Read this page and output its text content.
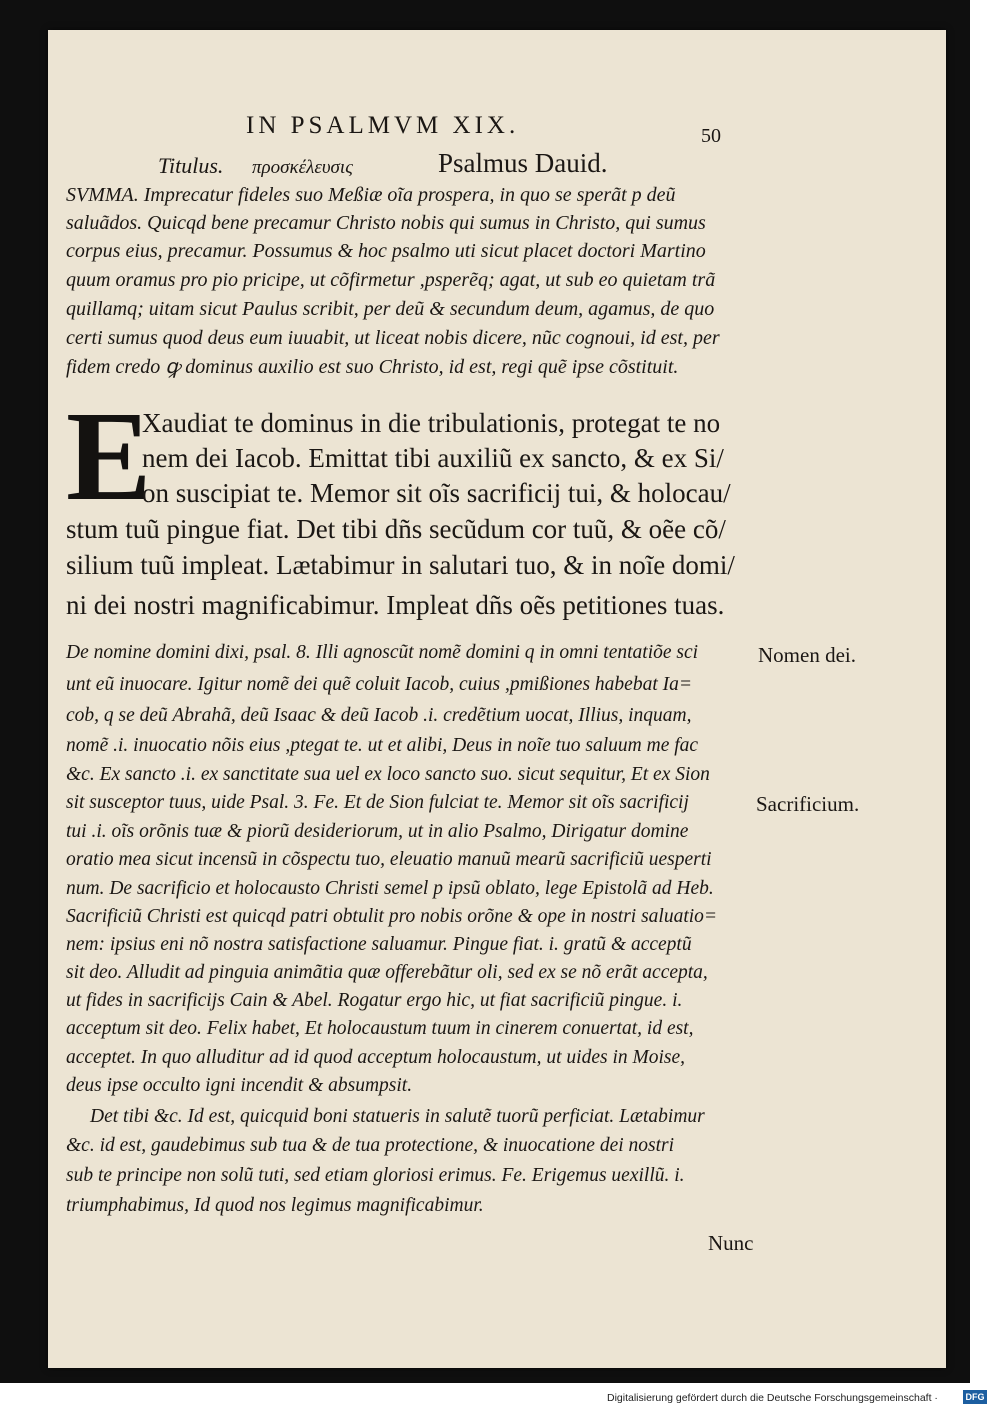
IN PSALMVM XIX.	50
Titulus. προσκέλευσις	Psalmus Dauid.
SVMMA. Imprecatur fideles suo Meßiæ oĩa prospera, in quo se sperãt p deũ
saluãdos. Quicqd bene precamur Christo nobis qui sumus in Christo, qui sumus
corpus eius, precamur. Possumus & hoc psalmo uti sicut placet doctori Martino
quum oramus pro pio pricipe, ut cõfirmetur ,psperẽq; agat, ut sub eo quietam trã
quillamq; uitam sicut Paulus scribit, per deũ & secundum deum, agamus, de quo
certi sumus quod deus eum iuuabit, ut liceat nobis dicere, nũc cognoui, id est, per
fidem credo ꝙ dominus auxilio est suo Christo, id est, regi quẽ ipse cõstituit.
E
Xaudiat te dominus in die tribulationis, protegat te no
nem dei Iacob. Emittat tibi auxiliũ ex sancto, & ex Si/
on suscipiat te. Memor sit oĩs sacrificij tui, & holocau/
stum tuũ pingue fiat. Det tibi dñs secũdum cor tuũ, & oẽe cõ/
silium tuũ impleat. Lætabimur in salutari tuo, & in noĩe domi/
ni dei nostri magnificabimur. Impleat dñs oẽs petitiones tuas.
De nomine domini dixi, psal. 8. Illi agnoscũt nomẽ domini q in omni tentatiõe sci
unt eũ inuocare. Igitur nomẽ dei quẽ coluit Iacob, cuius ,pmißiones habebat Ia=
cob, q se deũ Abrahã, deũ Isaac & deũ Iacob .i. credẽtium uocat, Illius, inquam,
nomẽ .i. inuocatio nõis eius ,ptegat te. ut et alibi, Deus in noĩe tuo saluum me fac
&c. Ex sancto .i. ex sanctitate sua uel ex loco sancto suo. sicut sequitur, Et ex Sion
sit susceptor tuus, uide Psal. 3. Fe. Et de Sion fulciat te. Memor sit oĩs sacrificij
tui .i. oĩs orõnis tuæ & piorũ desideriorum, ut in alio Psalmo, Dirigatur domine
oratio mea sicut incensũ in cõspectu tuo, eleuatio manuũ mearũ sacrificiũ uesperti
num. De sacrificio et holocausto Christi semel p ipsũ oblato, lege Epistolã ad Heb.
Sacrificiũ Christi est quicqd patri obtulit pro nobis orõne & ope in nostri saluatio=
nem: ipsius eni nõ nostra satisfactione saluamur. Pingue fiat. i. gratũ & acceptũ
sit deo. Alludit ad pinguia animãtia quæ offerebãtur oli, sed ex se nõ erãt accepta,
ut fides in sacrificijs Cain & Abel. Rogatur ergo hic, ut fiat sacrificiũ pingue. i.
acceptum sit deo. Felix habet, Et holocaustum tuum in cinerem conuertat, id est,
acceptet. In quo alluditur ad id quod acceptum holocaustum, ut uides in Moise,
deus ipse occulto igni incendit & absumpsit.
Det tibi &c. Id est, quicquid boni statueris in salutẽ tuorũ perficiat. Lætabimur
&c. id est, gaudebimus sub tua & de tua protectione, & inuocatione dei nostri
sub te principe non solũ tuti, sed etiam gloriosi erimus. Fe. Erigemus uexillũ. i.
triumphabimus, Id quod nos legimus magnificabimur.
Nomen dei.
Sacrificium.
Nunc
Digitalisierung gefördert durch die Deutsche Forschungsgemeinschaft ·	DFG
